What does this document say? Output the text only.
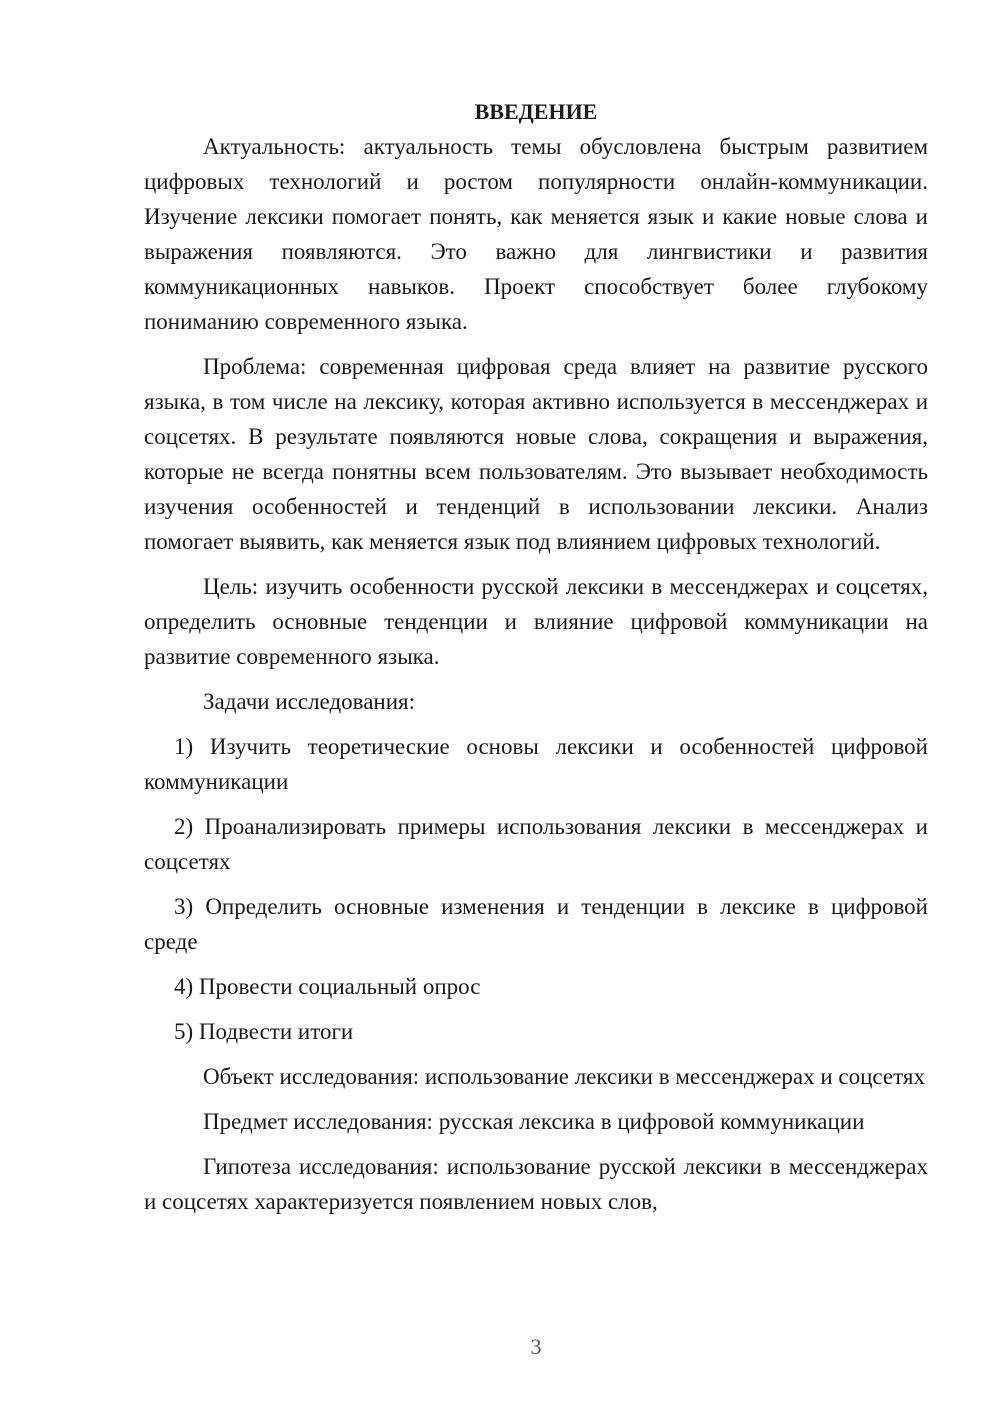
ВВЕДЕНИЕ

Актуальность: актуальность темы обусловлена быстрым развитием цифровых технологий и ростом популярности онлайн-коммуникации. Изучение лексики помогает понять, как меняется язык и какие новые слова и выражения появляются. Это важно для лингвистики и развития коммуникационных навыков. Проект способствует более глубокому пониманию современного языка.

Проблема: современная цифровая среда влияет на развитие русского языка, в том числе на лексику, которая активно используется в мессенджерах и соцсетях. В результате появляются новые слова, сокращения и выражения, которые не всегда понятны всем пользователям. Это вызывает необходимость изучения особенностей и тенденций в использовании лексики. Анализ помогает выявить, как меняется язык под влиянием цифровых технологий.

Цель: изучить особенности русской лексики в мессенджерах и соцсетях, определить основные тенденции и влияние цифровой коммуникации на развитие современного языка.

Задачи исследования:

1) Изучить теоретические основы лексики и особенностей цифровой коммуникации

2) Проанализировать примеры использования лексики в мессенджерах и соцсетях

3) Определить основные изменения и тенденции в лексике в цифровой среде

4) Провести социальный опрос

5) Подвести итоги

Объект исследования: использование лексики в мессенджерах и соцсетях

Предмет исследования: русская лексика в цифровой коммуникации

Гипотеза исследования: использование русской лексики в мессенджерах и соцсетях характеризуется появлением новых слов,

3
